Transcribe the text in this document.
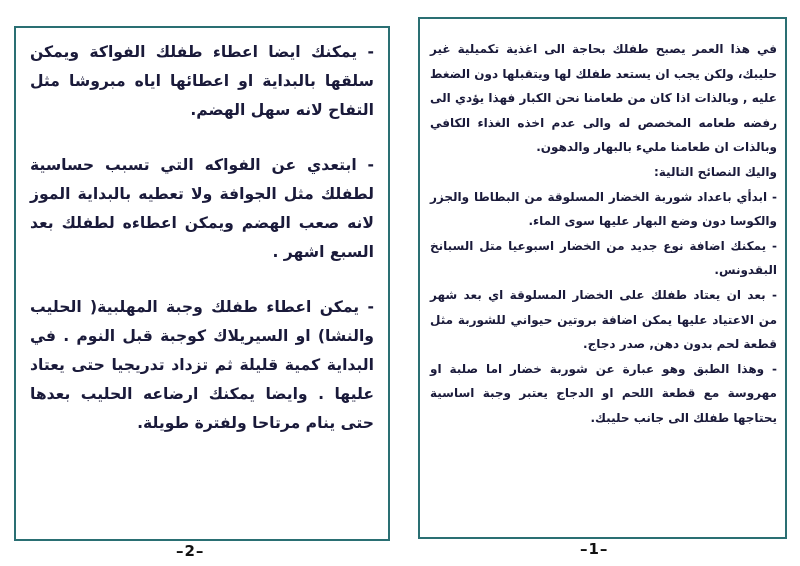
- يمكنك ايضا اعطاء طفلك الفواكة ويمكن سلقها بالبداية او اعطائها اياه مبروشا مثل التفاح لانه سهل الهضم.

- ابتعدي عن الفواكه التي تسبب حساسية لطفلك مثل الجوافة ولا تعطيه بالبداية الموز لانه صعب الهضم ويمكن اعطاءه لطفلك بعد السبع اشهر .

- يمكن اعطاء طفلك وجبة المهلبية( الحليب والنشا) او السيريلاك كوجبة قبل النوم . في البداية كمية قليلة ثم تزداد تدريجيا حتى يعتاد عليها . وايضا يمكنك ارضاعه الحليب بعدها حتى ينام مرتاحا ولفترة طويلة.

–2–

في هذا العمر يصبح طفلك بحاجة الى اغذية تكميلية غير حليبك، ولكن يجب ان يستعد طفلك لها ويتقبلها دون الضغط عليه , وبالذات اذا كان من طعامنا نحن الكبار فهذا يؤدي الى رفضه طعامه المخصص له والى عدم اخذه الغذاء الكافي وبالذات ان طعامنا مليء بالبهار والدهون.

واليك النصائح التالية:

- ابدأي باعداد شوربة الخضار المسلوقة من البطاطا والجزر والكوسا دون وضع البهار عليها سوى الماء.

- يمكنك اضافة نوع جديد من الخضار اسبوعيا متل السبانخ البقدونس.

- بعد ان يعتاد طفلك على الخضار المسلوقة اي بعد شهر من الاعتياد عليها يمكن اضافة بروتين حيواني للشوربة مثل قطعة لحم بدون دهن, صدر دجاج.

- وهذا الطبق وهو عبارة عن شوربة خضار اما صلبة او مهروسة مع قطعة اللحم او الدجاج يعتبر وجبة اساسية يحتاجها طفلك الى جانب حليبك.

–1–
